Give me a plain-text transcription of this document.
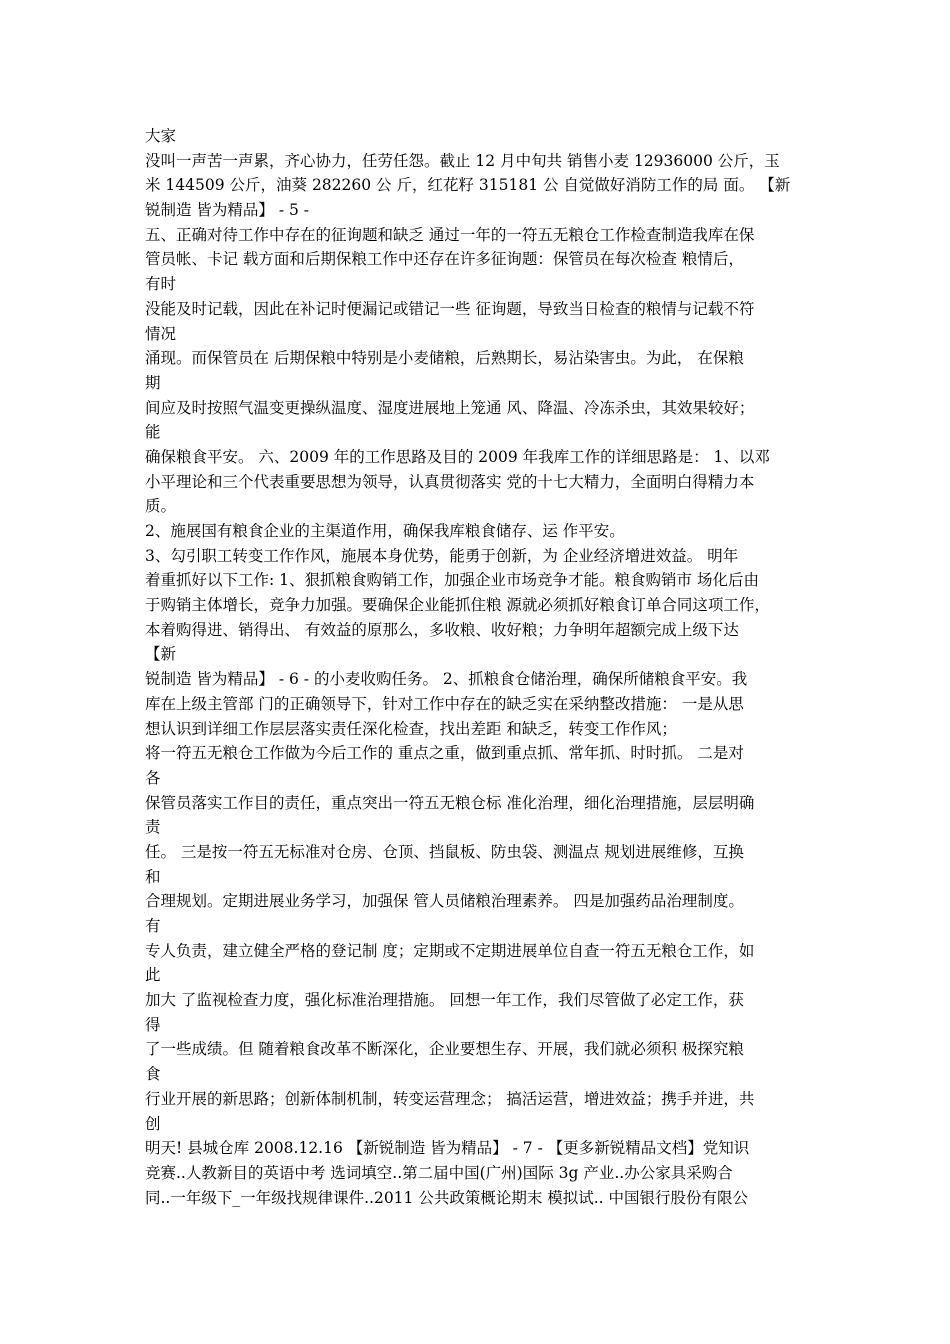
大家
没叫一声苦一声累，齐心协力，任劳任怨。截止 12 月中旬共 销售小麦 12936000 公斤，玉
米 144509 公斤，油葵 282260 公 斤，红花籽 315181 公 自觉做好消防工作的局 面。 【新
锐制造 皆为精品】 - 5 -
五、正确对待工作中存在的征询题和缺乏 通过一年的一符五无粮仓工作检查制造我库在保
管员帐、卡记 载方面和后期保粮工作中还存在许多征询题：保管员在每次检查 粮情后，
有时
没能及时记载，因此在补记时便漏记或错记一些 征询题，导致当日检查的粮情与记载不符
情况
涌现。而保管员在 后期保粮中特别是小麦储粮，后熟期长，易沾染害虫。为此， 在保粮
期
间应及时按照气温变更操纵温度、湿度进展地上笼通 风、降温、冷冻杀虫，其效果较好；
能
确保粮食平安。 六、2009 年的工作思路及目的 2009 年我库工作的详细思路是： 1、以邓
小平理论和三个代表重要思想为领导，认真贯彻落实 党的十七大精力，全面明白得精力本
质。
2、施展国有粮食企业的主渠道作用，确保我库粮食储存、运 作平安。
3、勾引职工转变工作作风，施展本身优势，能勇于创新，为 企业经济增进效益。 明年
着重抓好以下工作: 1、狠抓粮食购销工作，加强企业市场竞争才能。粮食购销市 场化后由
于购销主体增长，竞争力加强。要确保企业能抓住粮 源就必须抓好粮食订单合同这项工作，
本着购得进、销得出、 有效益的原那么，多收粮、收好粮；力争明年超额完成上级下达
【新
锐制造 皆为精品】 - 6 - 的小麦收购任务。 2、抓粮食仓储治理，确保所储粮食平安。我
库在上级主管部 门的正确领导下，针对工作中存在的缺乏实在采纳整改措施： 一是从思
想认识到详细工作层层落实责任深化检查，找出差距 和缺乏，转变工作作风；
将一符五无粮仓工作做为今后工作的 重点之重，做到重点抓、常年抓、时时抓。 二是对
各
保管员落实工作目的责任，重点突出一符五无粮仓标 准化治理，细化治理措施，层层明确
责
任。 三是按一符五无标准对仓房、仓顶、挡鼠板、防虫袋、测温点 规划进展维修，互换
和
合理规划。定期进展业务学习，加强保 管人员储粮治理素养。 四是加强药品治理制度。
有
专人负责，建立健全严格的登记制 度；定期或不定期进展单位自查一符五无粮仓工作，如
此
加大 了监视检查力度，强化标准治理措施。 回想一年工作，我们尽管做了必定工作，获
得
了一些成绩。但 随着粮食改革不断深化，企业要想生存、开展，我们就必须积 极探究粮
食
行业开展的新思路；创新体制机制，转变运营理念； 搞活运营，增进效益；携手并进，共
创
明天! 县城仓库 2008.12.16 【新锐制造 皆为精品】 - 7 - 【更多新锐精品文档】党知识
竞赛..人教新目的英语中考 选词填空..第二届中国(广州)国际 3g 产业..办公家具采购合
同..一年级下_一年级找规律课件..2011 公共政策概论期末 模拟试.. 中国银行股份有限公
